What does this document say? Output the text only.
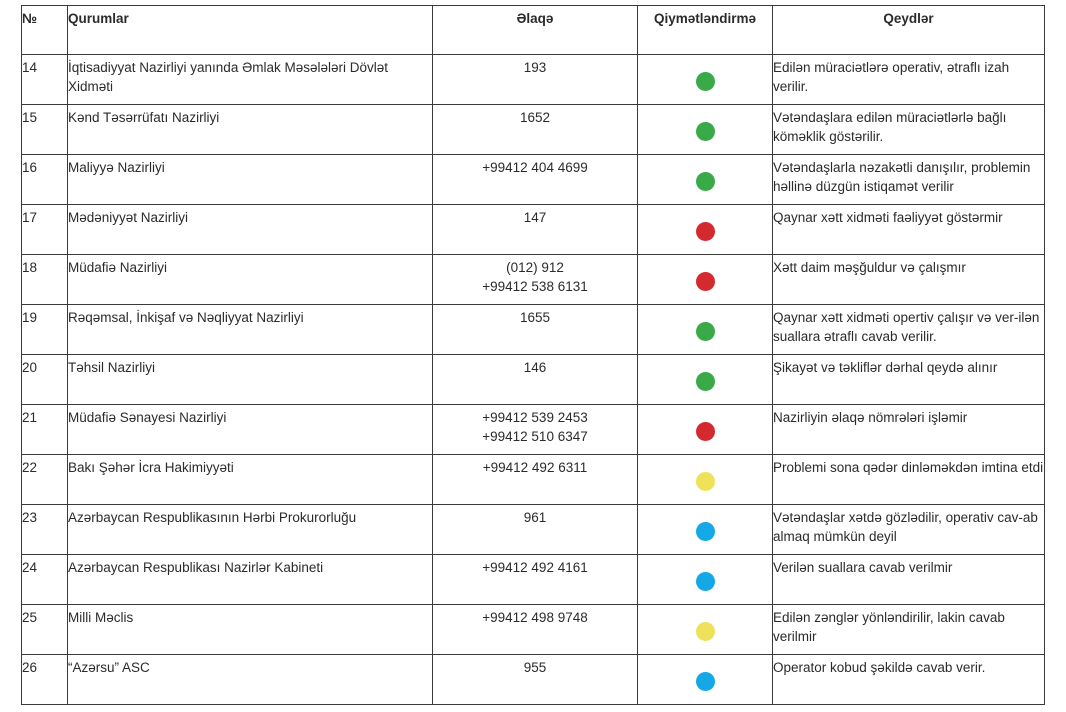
№	Qurumlar	Əlaqə	Qiymətləndirmə	Qeydlər
14	İqtisadiyyat Nazirliyi yanında Əmlak Məsələləri Dövlət Xidməti	193		Edilən müraciətlərə operativ, ətraflı izah verilir.
15	Kənd Təsərrüfatı Nazirliyi	1652		Vətəndaşlara edilən müraciətlərlə bağlı köməklik göstərilir.
16	Maliyyə Nazirliyi	+99412 404 4699		Vətəndaşlarla nəzakətli danışılır, problemin həllinə düzgün istiqamət verilir
17	Mədəniyyət Nazirliyi	147		Qaynar xətt xidməti faəliyyət göstərmir
18	Müdafiə Nazirliyi	(012) 912
+99412 538 6131		Xətt daim məşğuldur və çalışmır
19	Rəqəmsal, İnkişaf və Nəqliyyat Nazirliyi	1655		Qaynar xətt xidməti opertiv çalışır və ver-ilən suallara ətraflı cavab verilir.
20	Təhsil Nazirliyi	146		Şikayət və təkliflər dərhal qeydə alınır
21	Müdafiə Sənayesi Nazirliyi	+99412 539 2453
+99412 510 6347		Nazirliyin əlaqə nömrələri işləmir
22	Bakı Şəhər İcra Hakimiyyəti	+99412 492 6311		Problemi sona qədər dinləməkdən imtina etdi
23	Azərbaycan Respublikasının Hərbi Prokurorluğu	961		Vətəndaşlar xətdə gözlədilir, operativ cav-ab almaq mümkün deyil
24	Azərbaycan Respublikası Nazirlər Kabineti	+99412 492 4161		Verilən suallara cavab verilmir
25	Milli Məclis	+99412 498 9748		Edilən zənglər yönləndirilir, lakin cavab verilmir
26	“Azərsu” ASC	955		Operator kobud şəkildə cavab verir.
